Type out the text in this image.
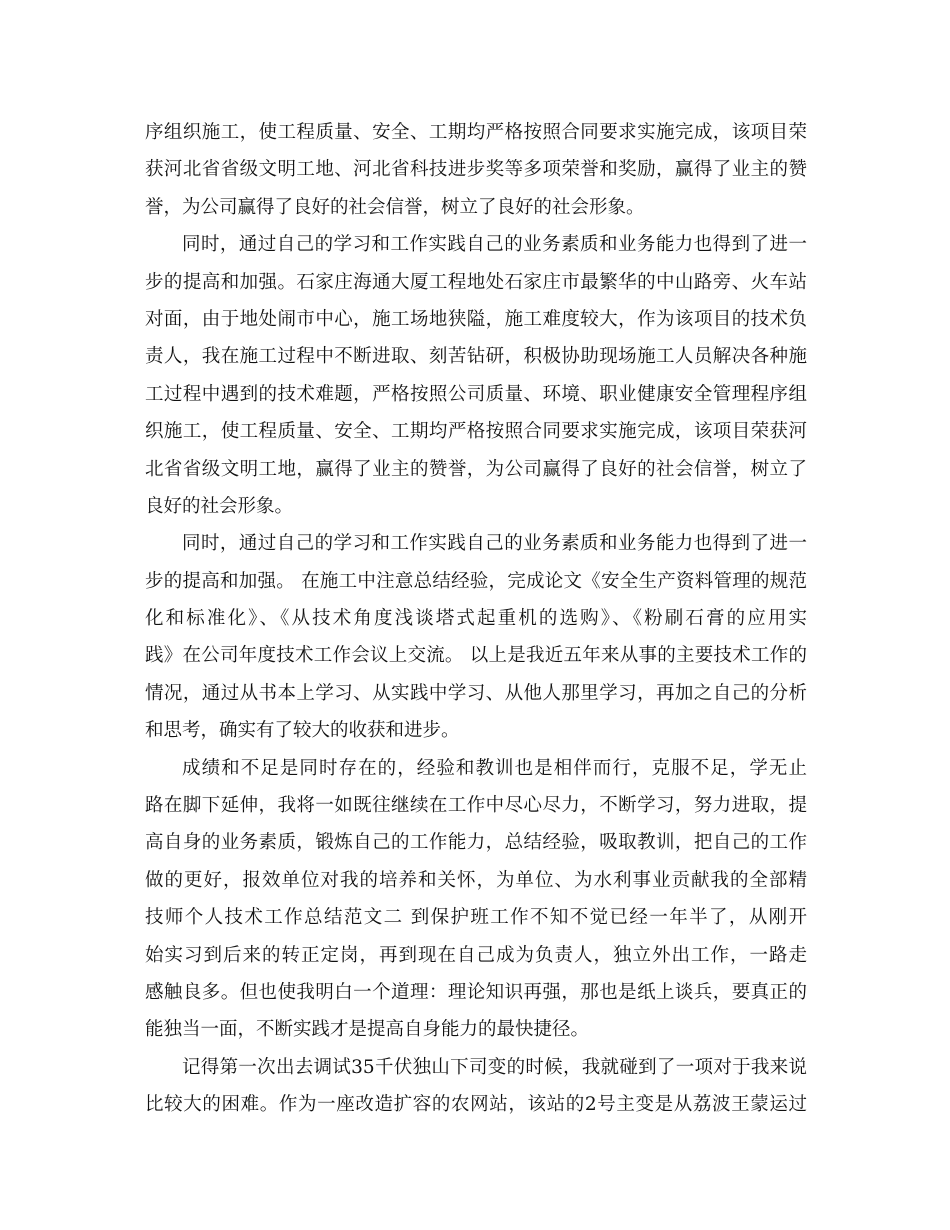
序组织施工，使工程质量、安全、工期均严格按照合同要求实施完成，该项目荣
获河北省省级文明工地、河北省科技进步奖等多项荣誉和奖励，赢得了业主的赞
誉，为公司赢得了良好的社会信誉，树立了良好的社会形象。
同时，通过自己的学习和工作实践自己的业务素质和业务能力也得到了进一
步的提高和加强。石家庄海通大厦工程地处石家庄市最繁华的中山路旁、火车站
对面，由于地处闹市中心，施工场地狭隘，施工难度较大，作为该项目的技术负
责人，我在施工过程中不断进取、刻苦钻研，积极协助现场施工人员解决各种施
工过程中遇到的技术难题，严格按照公司质量、环境、职业健康安全管理程序组
织施工，使工程质量、安全、工期均严格按照合同要求实施完成，该项目荣获河
北省省级文明工地，赢得了业主的赞誉，为公司赢得了良好的社会信誉，树立了
良好的社会形象。
同时，通过自己的学习和工作实践自己的业务素质和业务能力也得到了进一
步的提高和加强。 在施工中注意总结经验，完成论文《安全生产资料管理的规范
化和标准化》、《从技术角度浅谈塔式起重机的选购》、《粉刷石膏的应用实
践》在公司年度技术工作会议上交流。 以上是我近五年来从事的主要技术工作的
情况，通过从书本上学习、从实践中学习、从他人那里学习，再加之自己的分析
和思考，确实有了较大的收获和进步。
成绩和不足是同时存在的，经验和教训也是相伴而行，克服不足，学无止
路在脚下延伸，我将一如既往继续在工作中尽心尽力，不断学习，努力进取，提
高自身的业务素质，锻炼自己的工作能力，总结经验，吸取教训，把自己的工作
做的更好，报效单位对我的培养和关怀，为单位、为水利事业贡献我的全部精
技师个人技术工作总结范文二 到保护班工作不知不觉已经一年半了，从刚开
始实习到后来的转正定岗，再到现在自己成为负责人，独立外出工作，一路走
感触良多。但也使我明白一个道理：理论知识再强，那也是纸上谈兵，要真正的
能独当一面，不断实践才是提高自身能力的最快捷径。
记得第一次出去调试35千伏独山下司变的时候，我就碰到了一项对于我来说
比较大的困难。作为一座改造扩容的农网站，该站的2号主变是从荔波王蒙运过
